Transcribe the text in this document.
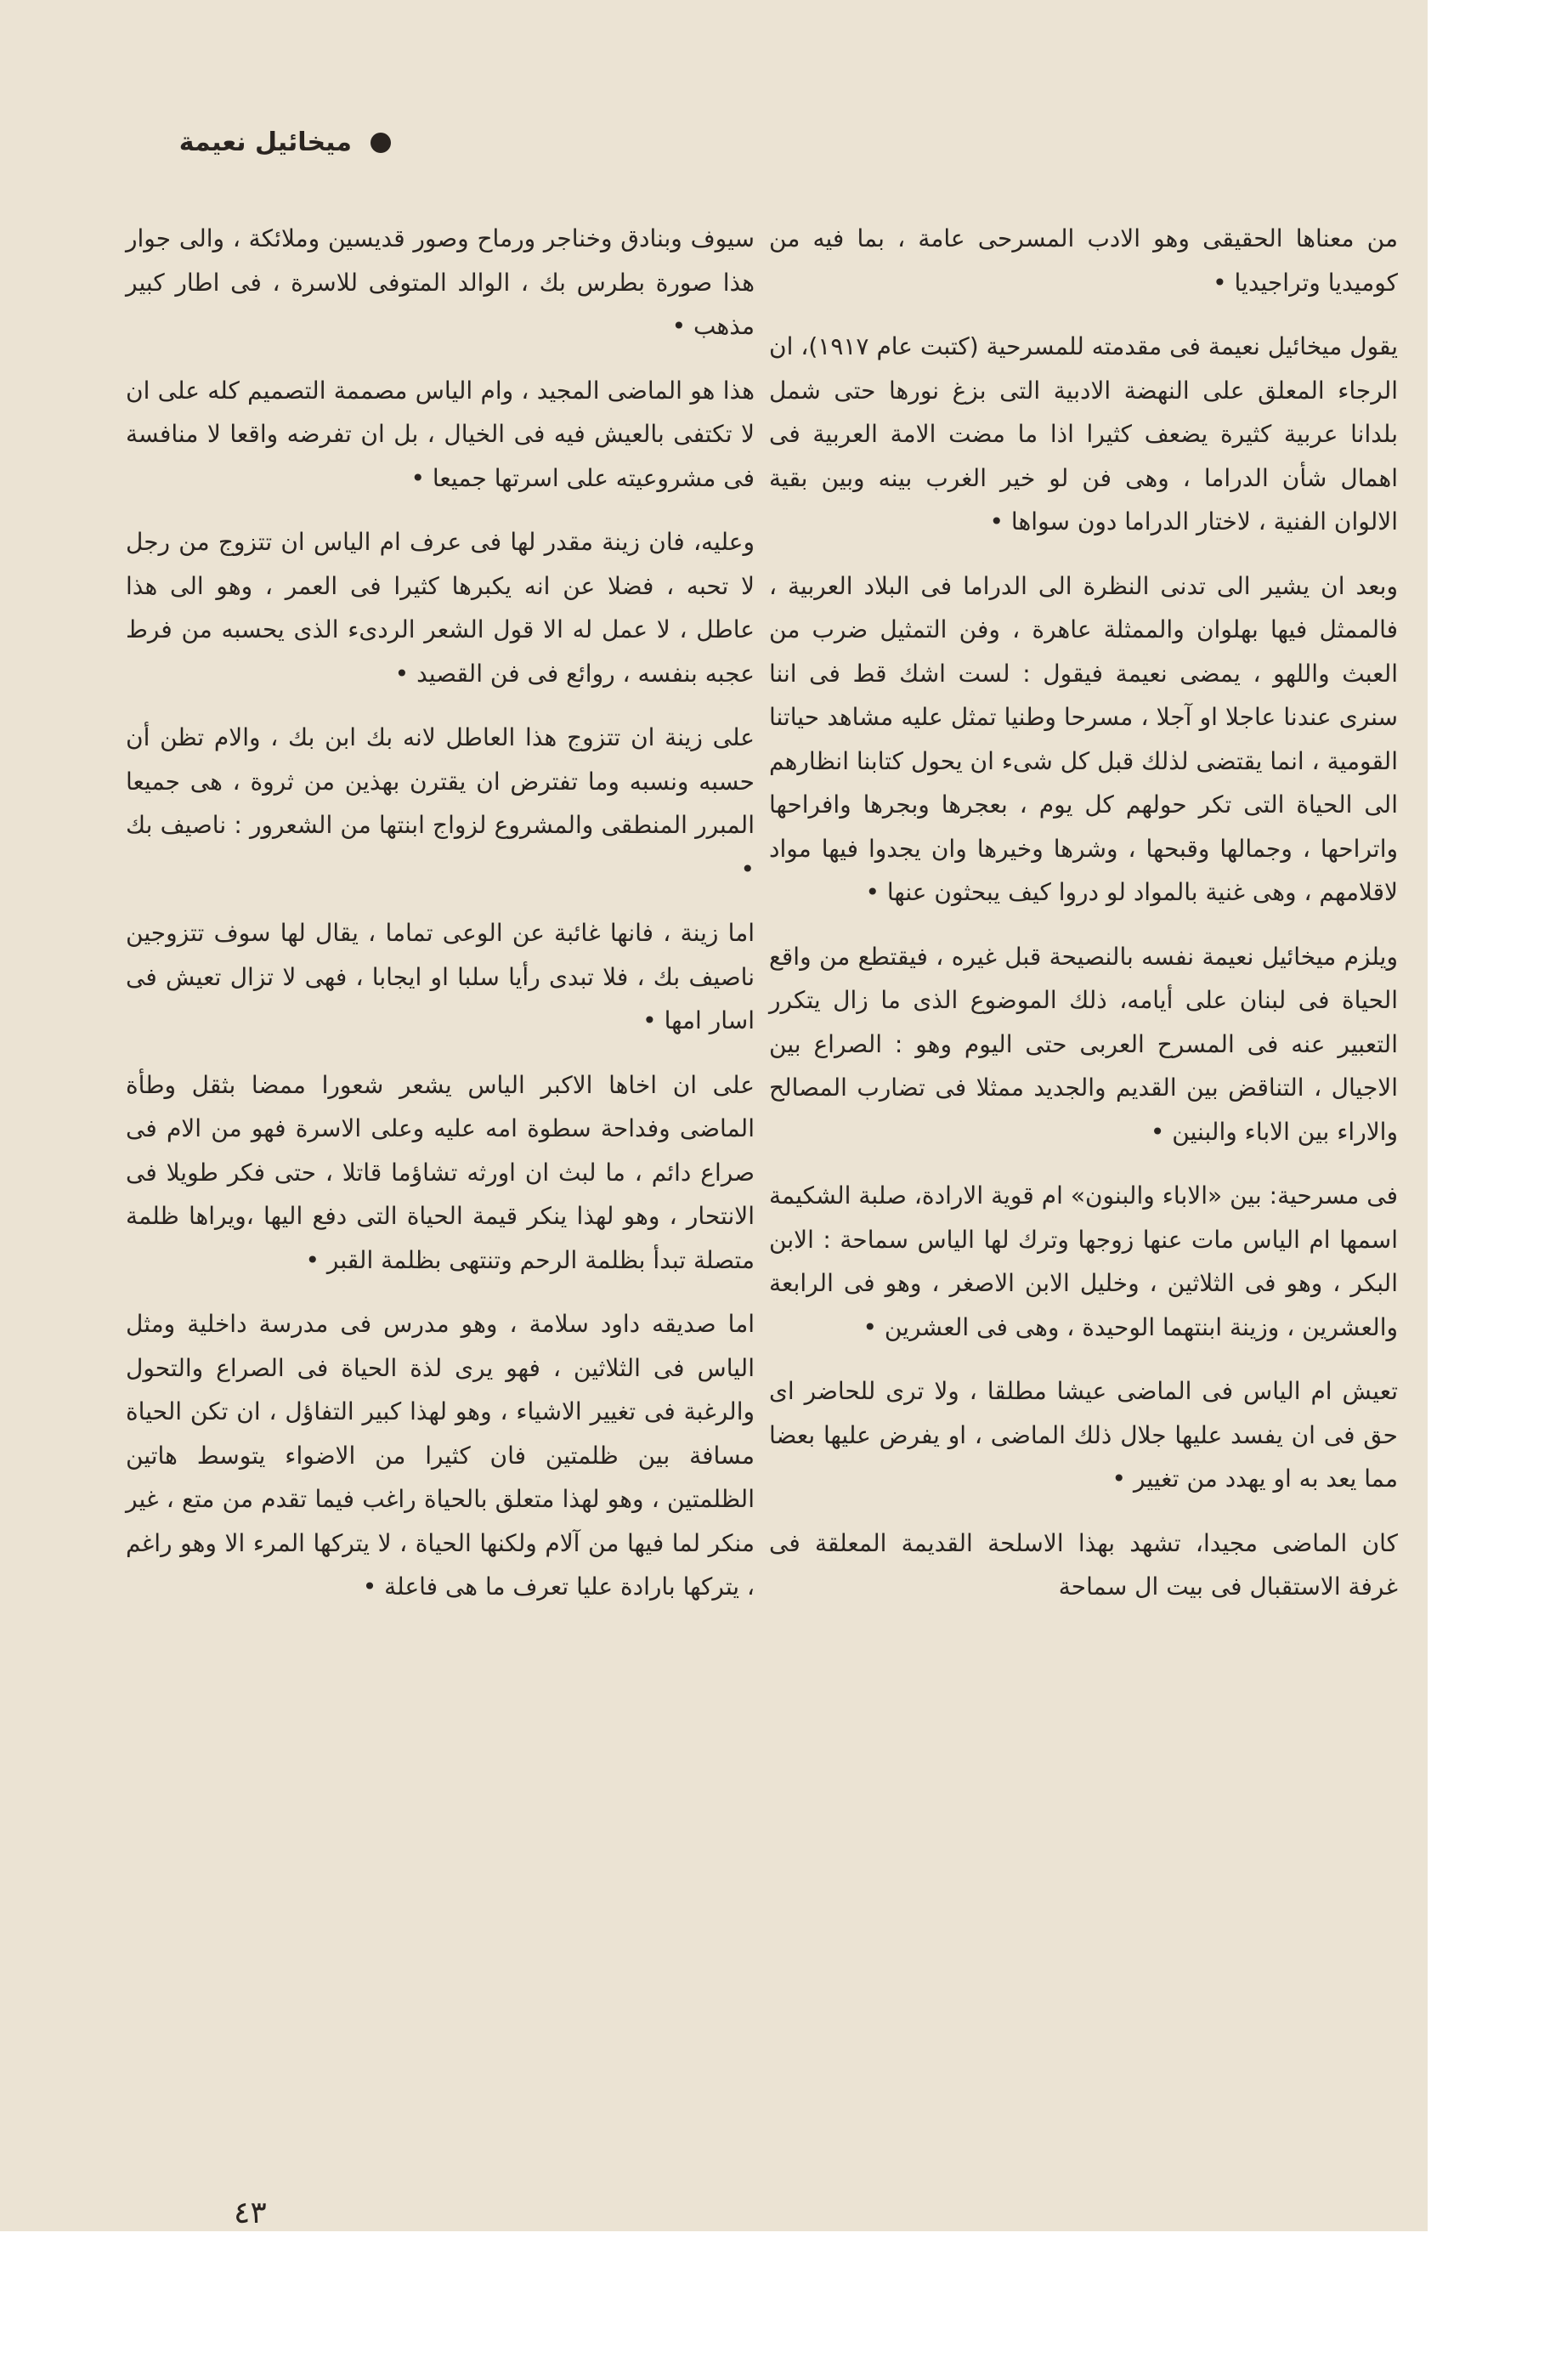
ميخائيل نعيمة

من معناها الحقيقى وهو الادب المسرحى عامة ، بما فيه من كوميديا وتراجيديا •

يقول ميخائيل نعيمة فى مقدمته للمسرحية (كتبت عام ١٩١٧)، ان الرجاء المعلق على النهضة الادبية التى بزغ نورها حتى شمل بلدانا عربية كثيرة يضعف كثيرا اذا ما مضت الامة العربية فى اهمال شأن الدراما ، وهى فن لو خير الغرب بينه وبين بقية الالوان الفنية ، لاختار الدراما دون سواها •

وبعد ان يشير الى تدنى النظرة الى الدراما فى البلاد العربية ، فالممثل فيها بهلوان والممثلة عاهرة ، وفن التمثيل ضرب من العبث واللهو ، يمضى نعيمة فيقول : لست اشك قط فى اننا سنرى عندنا عاجلا او آجلا ، مسرحا وطنيا تمثل عليه مشاهد حياتنا القومية ، انما يقتضى لذلك قبل كل شىء ان يحول كتابنا انظارهم الى الحياة التى تكر حولهم كل يوم ، بعجرها وبجرها وافراحها واتراحها ، وجمالها وقبحها ، وشرها وخيرها وان يجدوا فيها مواد لاقلامهم ، وهى غنية بالمواد لو دروا كيف يبحثون عنها •

ويلزم ميخائيل نعيمة نفسه بالنصيحة قبل غيره ، فيقتطع من واقع الحياة فى لبنان على أيامه، ذلك الموضوع الذى ما زال يتكرر التعبير عنه فى المسرح العربى حتى اليوم وهو : الصراع بين الاجيال ، التناقض بين القديم والجديد ممثلا فى تضارب المصالح والاراء بين الاباء والبنين •

فى مسرحية: بين «الاباء والبنون» ام قوية الارادة، صلبة الشكيمة اسمها ام الياس مات عنها زوجها وترك لها الياس سماحة : الابن البكر ، وهو فى الثلاثين ، وخليل الابن الاصغر ، وهو فى الرابعة والعشرين ، وزينة ابنتهما الوحيدة ، وهى فى العشرين •

تعيش ام الياس فى الماضى عيشا مطلقا ، ولا ترى للحاضر اى حق فى ان يفسد عليها جلال ذلك الماضى ، او يفرض عليها بعضا مما يعد به او يهدد من تغيير •

كان الماضى مجيدا، تشهد بهذا الاسلحة القديمة المعلقة فى غرفة الاستقبال فى بيت ال سماحة

سيوف وبنادق وخناجر ورماح وصور قديسين وملائكة ، والى جوار هذا صورة بطرس بك ، الوالد المتوفى للاسرة ، فى اطار كبير مذهب •

هذا هو الماضى المجيد ، وام الياس مصممة التصميم كله على ان لا تكتفى بالعيش فيه فى الخيال ، بل ان تفرضه واقعا لا منافسة فى مشروعيته على اسرتها جميعا •

وعليه، فان زينة مقدر لها فى عرف ام الياس ان تتزوج من رجل لا تحبه ، فضلا عن انه يكبرها كثيرا فى العمر ، وهو الى هذا عاطل ، لا عمل له الا قول الشعر الردىء الذى يحسبه من فرط عجبه بنفسه ، روائع فى فن القصيد •

على زينة ان تتزوج هذا العاطل لانه بك ابن بك ، والام تظن أن حسبه ونسبه وما تفترض ان يقترن بهذين من ثروة ، هى جميعا المبرر المنطقى والمشروع لزواج ابنتها من الشعرور : ناصيف بك •

اما زينة ، فانها غائبة عن الوعى تماما ، يقال لها سوف تتزوجين ناصيف بك ، فلا تبدى رأيا سلبا او ايجابا ، فهى لا تزال تعيش فى اسار امها •

على ان اخاها الاكبر الياس يشعر شعورا ممضا بثقل وطأة الماضى وفداحة سطوة امه عليه وعلى الاسرة فهو من الام فى صراع دائم ، ما لبث ان اورثه تشاؤما قاتلا ، حتى فكر طويلا فى الانتحار ، وهو لهذا ينكر قيمة الحياة التى دفع اليها ،ويراها ظلمة متصلة تبدأ بظلمة الرحم وتنتهى بظلمة القبر •

اما صديقه داود سلامة ، وهو مدرس فى مدرسة داخلية ومثل الياس فى الثلاثين ، فهو يرى لذة الحياة فى الصراع والتحول والرغبة فى تغيير الاشياء ، وهو لهذا كبير التفاؤل ، ان تكن الحياة مسافة بين ظلمتين فان كثيرا من الاضواء يتوسط هاتين الظلمتين ، وهو لهذا متعلق بالحياة راغب فيما تقدم من متع ، غير منكر لما فيها من آلام ولكنها الحياة ، لا يتركها المرء الا وهو راغم ، يتركها بارادة عليا تعرف ما هى فاعلة •

٤٣
